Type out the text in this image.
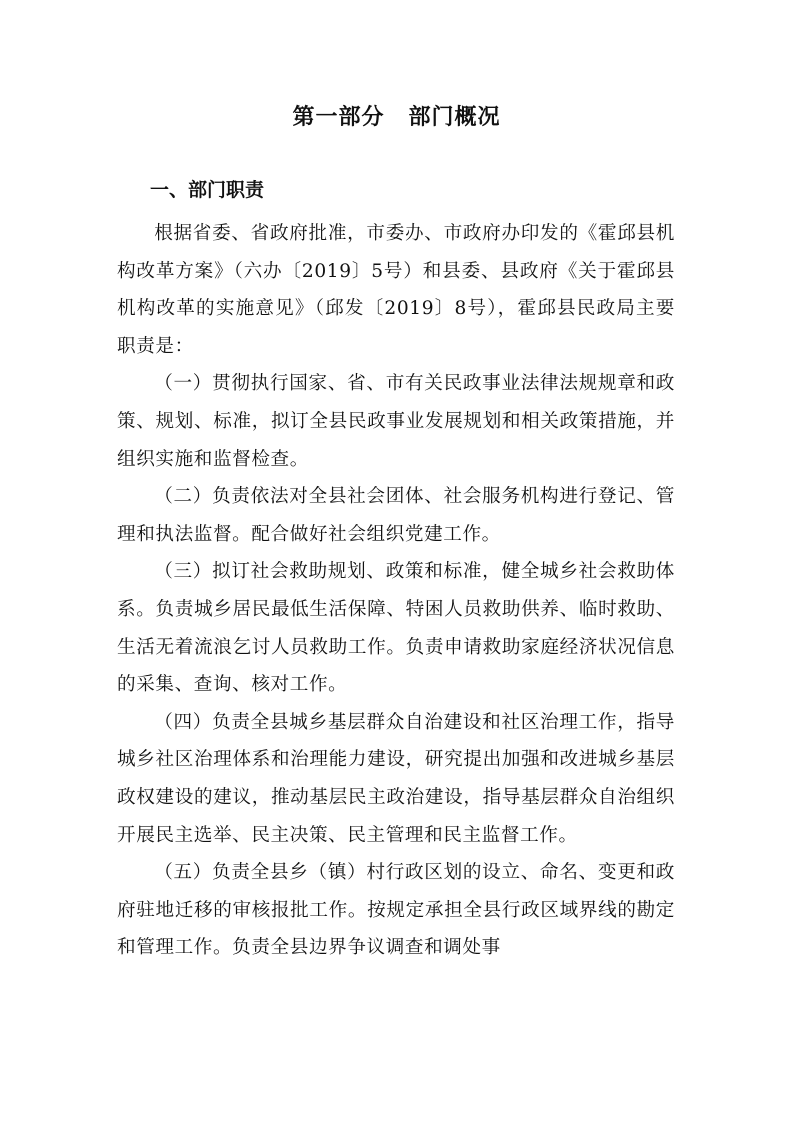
第一部分 部门概况
一、部门职责

根据省委、省政府批准，市委办、市政府办印发的《霍邱县机构改革方案》（六办〔2019〕5号）和县委、县政府《关于霍邱县机构改革的实施意见》（邱发〔2019〕8号），霍邱县民政局主要职责是：

（一）贯彻执行国家、省、市有关民政事业法律法规规章和政策、规划、标准，拟订全县民政事业发展规划和相关政策措施，并组织实施和监督检查。

（二）负责依法对全县社会团体、社会服务机构进行登记、管理和执法监督。配合做好社会组织党建工作。

（三）拟订社会救助规划、政策和标准，健全城乡社会救助体系。负责城乡居民最低生活保障、特困人员救助供养、临时救助、生活无着流浪乞讨人员救助工作。负责申请救助家庭经济状况信息的采集、查询、核对工作。

（四）负责全县城乡基层群众自治建设和社区治理工作，指导城乡社区治理体系和治理能力建设，研究提出加强和改进城乡基层政权建设的建议，推动基层民主政治建设，指导基层群众自治组织开展民主选举、民主决策、民主管理和民主监督工作。

（五）负责全县乡（镇）村行政区划的设立、命名、变更和政府驻地迁移的审核报批工作。按规定承担全县行政区域界线的勘定和管理工作。负责全县边界争议调查和调处事
